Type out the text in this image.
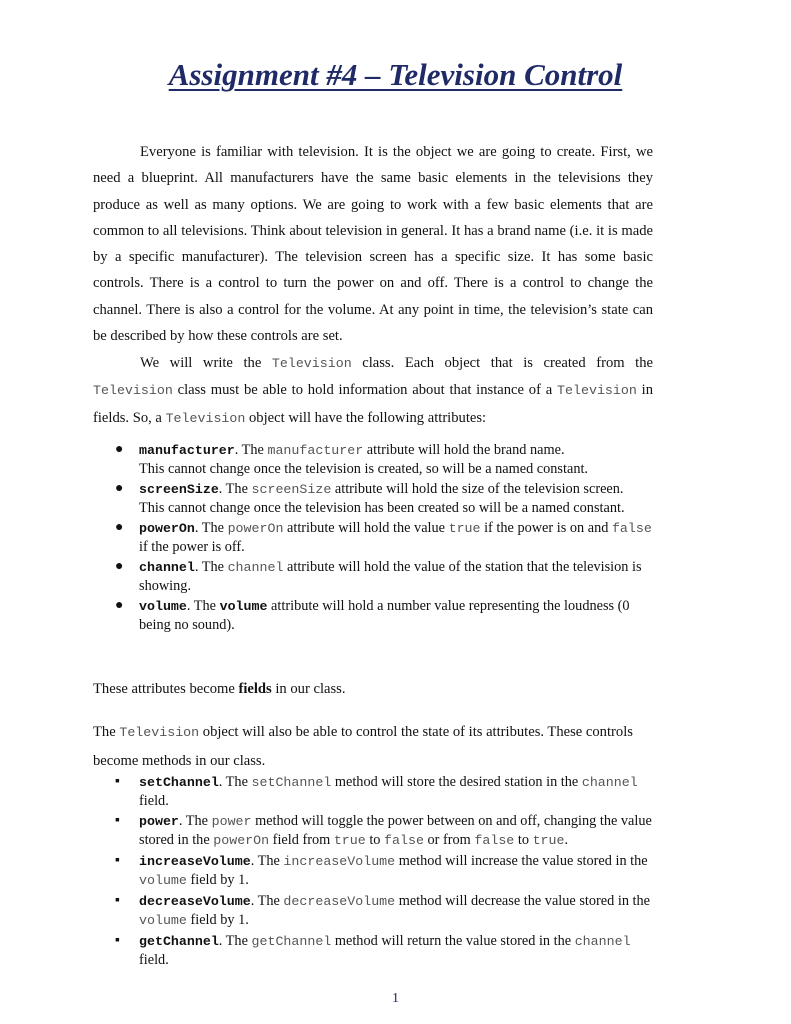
Assignment #4 – Television Control

Everyone is familiar with television. It is the object we are going to create. First, we need a blueprint. All manufacturers have the same basic elements in the televisions they produce as well as many options. We are going to work with a few basic elements that are common to all televisions. Think about television in general. It has a brand name (i.e. it is made by a specific manufacturer). The television screen has a specific size. It has some basic controls. There is a control to turn the power on and off. There is a control to change the channel. There is also a control for the volume. At any point in time, the television’s state can be described by how these controls are set.

We will write the Television class. Each object that is created from the Television class must be able to hold information about that instance of a Television in fields. So, a Television object will have the following attributes:

● manufacturer. The manufacturer attribute will hold the brand name.
This cannot change once the television is created, so will be a named constant.
● screenSize. The screenSize attribute will hold the size of the television screen.
This cannot change once the television has been created so will be a named constant.
● powerOn. The powerOn attribute will hold the value true if the power is on and false if the power is off.
● channel. The channel attribute will hold the value of the station that the television is showing.
● volume. The volume attribute will hold a number value representing the loudness (0 being no sound).

These attributes become fields in our class.

The Television object will also be able to control the state of its attributes. These controls become methods in our class.

▪ setChannel. The setChannel method will store the desired station in the channel field.
▪ power. The power method will toggle the power between on and off, changing the value stored in the powerOn field from true to false or from false to true.
▪ increaseVolume. The increaseVolume method will increase the value stored in the volume field by 1.
▪ decreaseVolume. The decreaseVolume method will decrease the value stored in the volume field by 1.
▪ getChannel. The getChannel method will return the value stored in the channel field.
1
